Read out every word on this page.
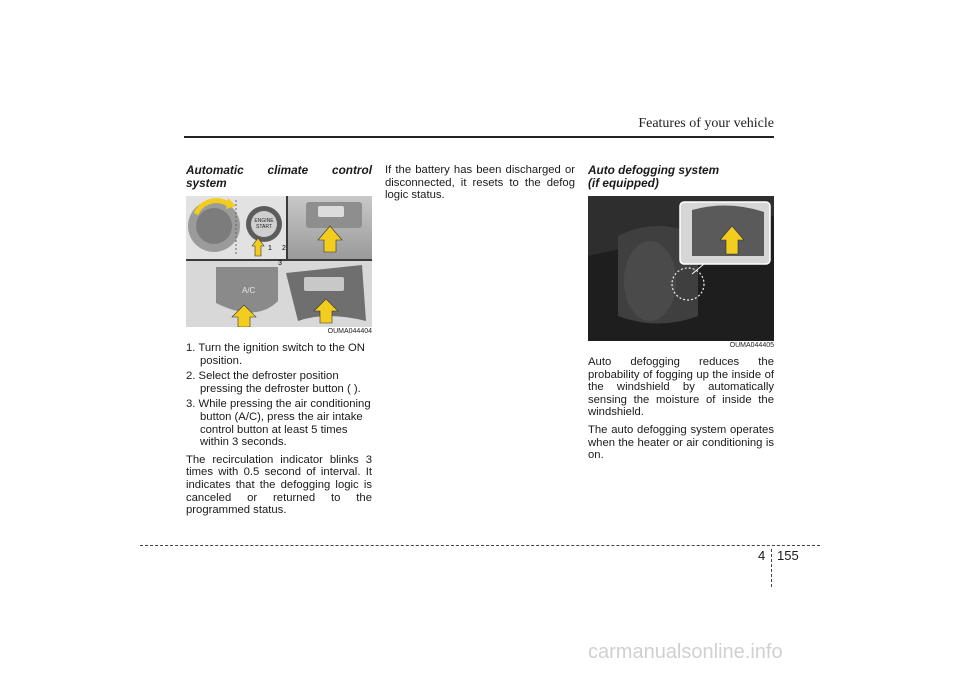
Features of your vehicle
Automatic climate control system
ENGINE
START
A/C
1 2
3
OUMA044404
1. Turn the ignition switch to the ON position.
2. Select the defroster position pressing the defroster button ( ).
3. While pressing the air conditioning button (A/C), press the air intake control button at least 5 times within 3 seconds.

The recirculation indicator blinks 3 times with 0.5 second of interval. It indicates that the defogging logic is canceled or returned to the programmed status.

If the battery has been discharged or disconnected, it resets to the defog logic status.

Auto defogging system
(if equipped)
OUMA044405

Auto defogging reduces the probability of fogging up the inside of the windshield by automatically sensing the moisture of inside the windshield.

The auto defogging system operates when the heater or air conditioning is on.

4 155
carmanualsonline.info
